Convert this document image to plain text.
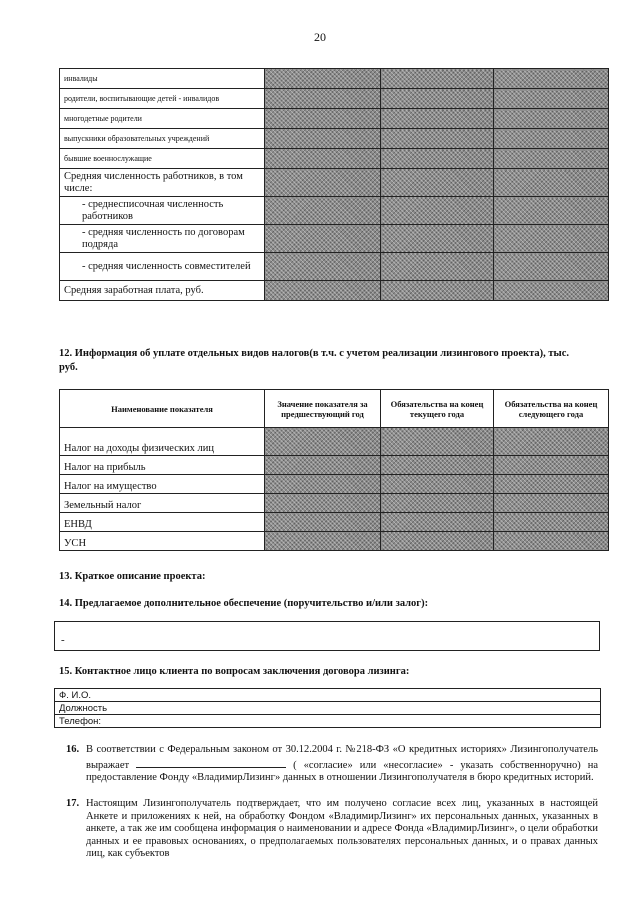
20
инвалиды			
родители, воспитывающие детей - инвалидов			
многодетные родители			
выпускники образовательных учреждений			
бывшие военнослужащие			
Средняя численность работников, в том числе:			
- среднесписочная численность работников			
- средняя численность по договорам подряда			
- средняя численность совместителей			
Средняя заработная плата, руб.			
12. Информация об уплате отдельных видов налогов(в т.ч. с учетом реализации лизингового проекта), тыс. руб.
Наименование показателя	Значение показателя за предшествующий год	Обязательства на конец текущего года	Обязательства на конец следующего года
Налог на доходы физических лиц			
Налог на прибыль			
Налог на имущество			
Земельный налог			
ЕНВД			
УСН			
13. Краткое описание проекта:
14. Предлагаемое дополнительное обеспечение (поручительство и/или залог):
-
15. Контактное лицо клиента по вопросам заключения договора лизинга:
Ф. И.О.
Должность
Телефон:
16. В соответствии с Федеральным законом от 30.12.2004 г. №218-ФЗ «О кредитных историях» Лизингополучатель выражает	( «согласие» или «несогласие» - указать собственноручно) на предоставление Фонду «ВладимирЛизинг» данных в отношении Лизингополучателя в бюро кредитных историй.
17. Настоящим Лизингополучатель подтверждает, что им получено согласие всех лиц, указанных в настоящей Анкете и приложениях к ней, на обработку Фондом «ВладимирЛизинг» их персональных данных, указанных в анкете, а так же им сообщена информация о наименовании и адресе Фонда «ВладимирЛизинг», о цели обработки данных и ее правовых основаниях, о предполагаемых пользователях персональных данных, и о правах данных лиц, как субъектов
